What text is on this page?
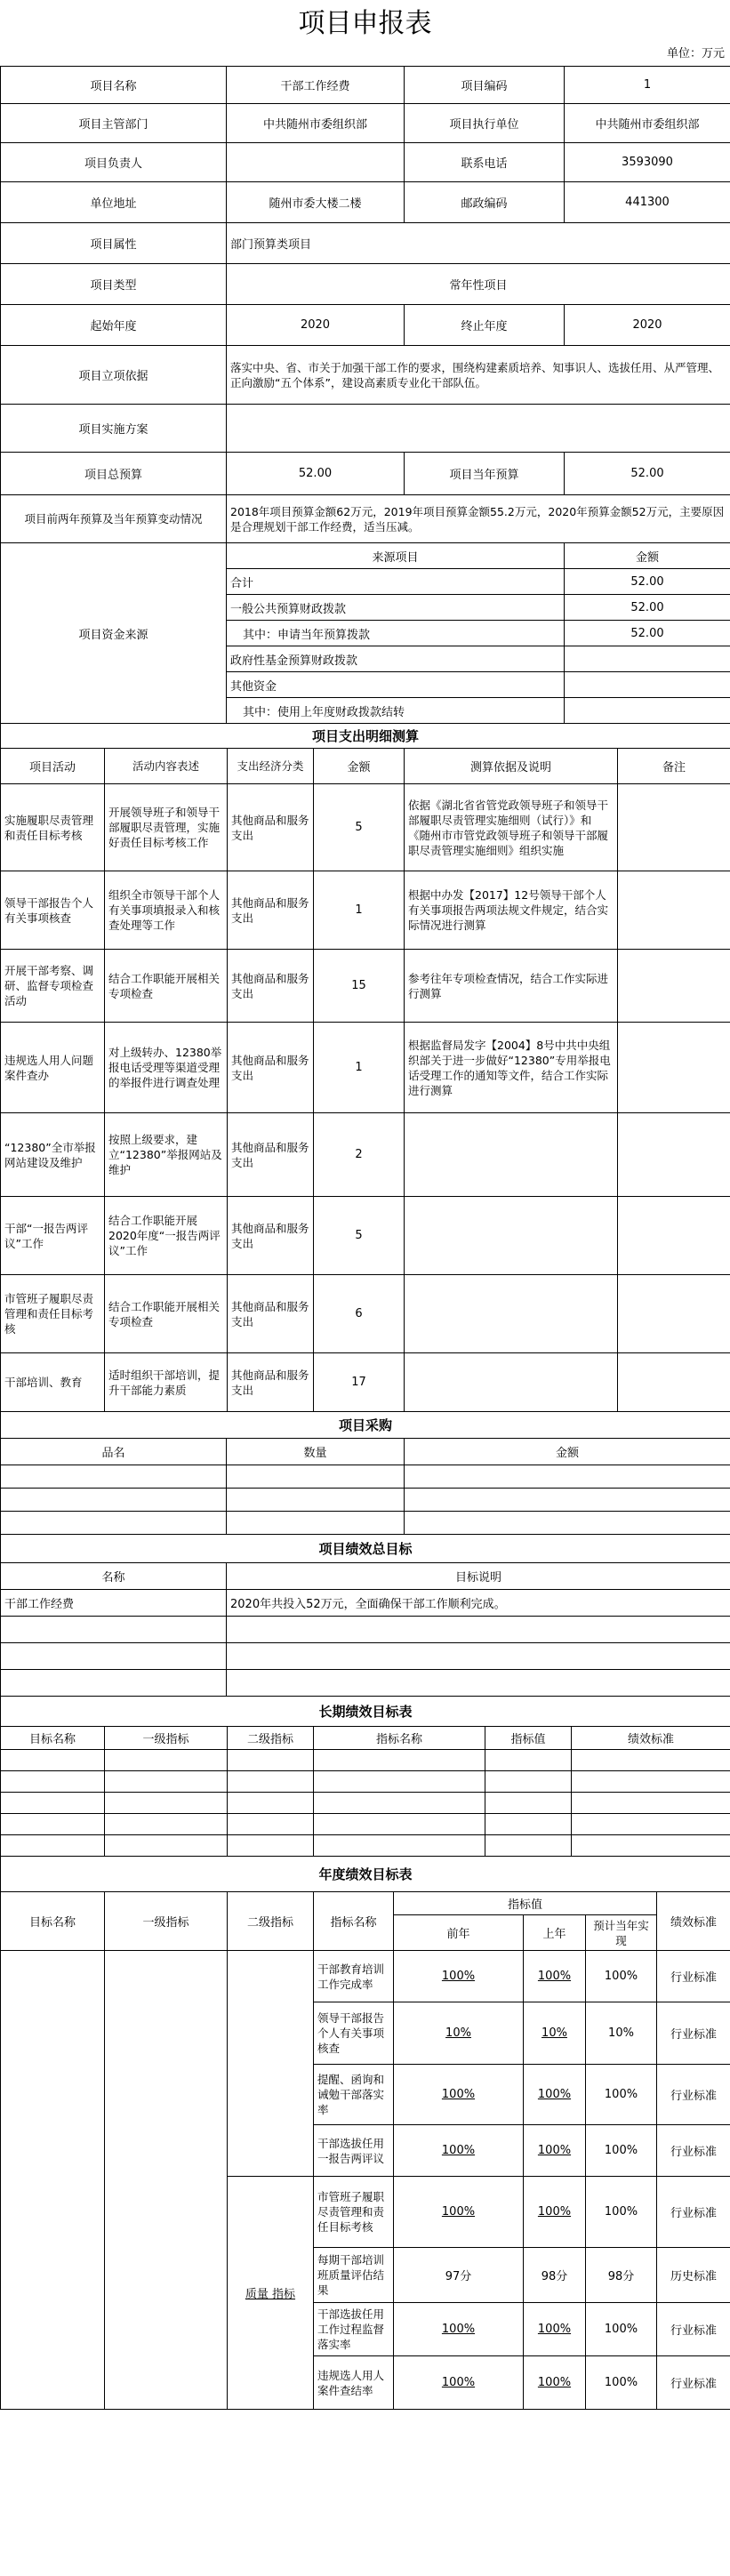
项目申报表
单位：万元
项目名称	干部工作经费	项目编码	1
项目主管部门	中共随州市委组织部	项目执行单位	中共随州市委组织部
项目负责人		联系电话	3593090
单位地址	随州市委大楼二楼	邮政编码	441300
项目属性	部门预算类项目		
项目类型	常年性项目		
起始年度	2020	终止年度	2020
项目立项依据	落实中央、省、市关于加强干部工作的要求，围绕构建素质培养、知事识人、选拔任用、从严管理、正向激励“五个体系”，建设高素质专业化干部队伍。		
项目实施方案			
项目总预算	52.00	项目当年预算	52.00
项目前两年预算及当年预算变动情况	2018年项目预算金额62万元，2019年项目预算金额55.2万元，2020年预算金额52万元，主要原因是合理规划干部工作经费，适当压减。		
项目资金来源	来源项目	金额
	合计	52.00
	一般公共预算财政拨款	52.00
	其中：申请当年预算拨款	52.00
	政府性基金预算财政拨款	
	其他资金	
	其中：使用上年度财政拨款结转	
项目支出明细测算					
项目活动	活动内容表述	支出经济分类	金额	测算依据及说明	备注
实施履职尽责管理和责任目标考核	开展领导班子和领导干部履职尽责管理，实施好责任目标考核工作	其他商品和服务支出	5	依据《湖北省省管党政领导班子和领导干部履职尽责管理实施细则（试行）》和《随州市市管党政领导班子和领导干部履职尽责管理实施细则》组织实施	
领导干部报告个人有关事项核查	组织全市领导干部个人有关事项填报录入和核查处理等工作	其他商品和服务支出	1	根据中办发【2017】12号领导干部个人有关事项报告两项法规文件规定，结合实际情况进行测算	
开展干部考察、调研、监督专项检查活动	结合工作职能开展相关专项检查	其他商品和服务支出	15	参考往年专项检查情况，结合工作实际进行测算	
违规选人用人问题案件查办	对上级转办、12380举报电话受理等渠道受理的举报件进行调查处理	其他商品和服务支出	1	根据监督局发字【2004】8号中共中央组织部关于进一步做好“12380”专用举报电话受理工作的通知等文件，结合工作实际进行测算	
“12380”全市举报网站建设及维护	按照上级要求，建立“12380”举报网站及维护	其他商品和服务支出	2		
干部“一报告两评议”工作	结合工作职能开展2020年度“一报告两评议”工作	其他商品和服务支出	5		
市管班子履职尽责管理和责任目标考核	结合工作职能开展相关专项检查	其他商品和服务支出	6		
干部培训、教育	适时组织干部培训，提升干部能力素质	其他商品和服务支出	17		
项目采购		
品名	数量	金额

项目绩效总目标	
名称	目标说明
干部工作经费	2020年共投入52万元，全面确保干部工作顺利完成。

长期绩效目标表					
目标名称	一级指标	二级指标	指标名称	指标值	绩效标准

年度绩效目标表							
目标名称	一级指标	二级指标	指标名称	指标值			绩效标准
				前年	上年	预计当年实现	
			干部教育培训工作完成率	100%	100%	100%	行业标准
			领导干部报告个人有关事项核查	10%	10%	10%	行业标准
			提醒、函询和诫勉干部落实率	100%	100%	100%	行业标准
			干部选拔任用一报告两评议	100%	100%	100%	行业标准
		质量 指标	市管班子履职尽责管理和责任目标考核	100%	100%	100%	行业标准
			每期干部培训班质量评估结果	97分	98分	98分	历史标准
			干部选拔任用工作过程监督落实率	100%	100%	100%	行业标准
			违规选人用人案件查结率	100%	100%	100%	行业标准
